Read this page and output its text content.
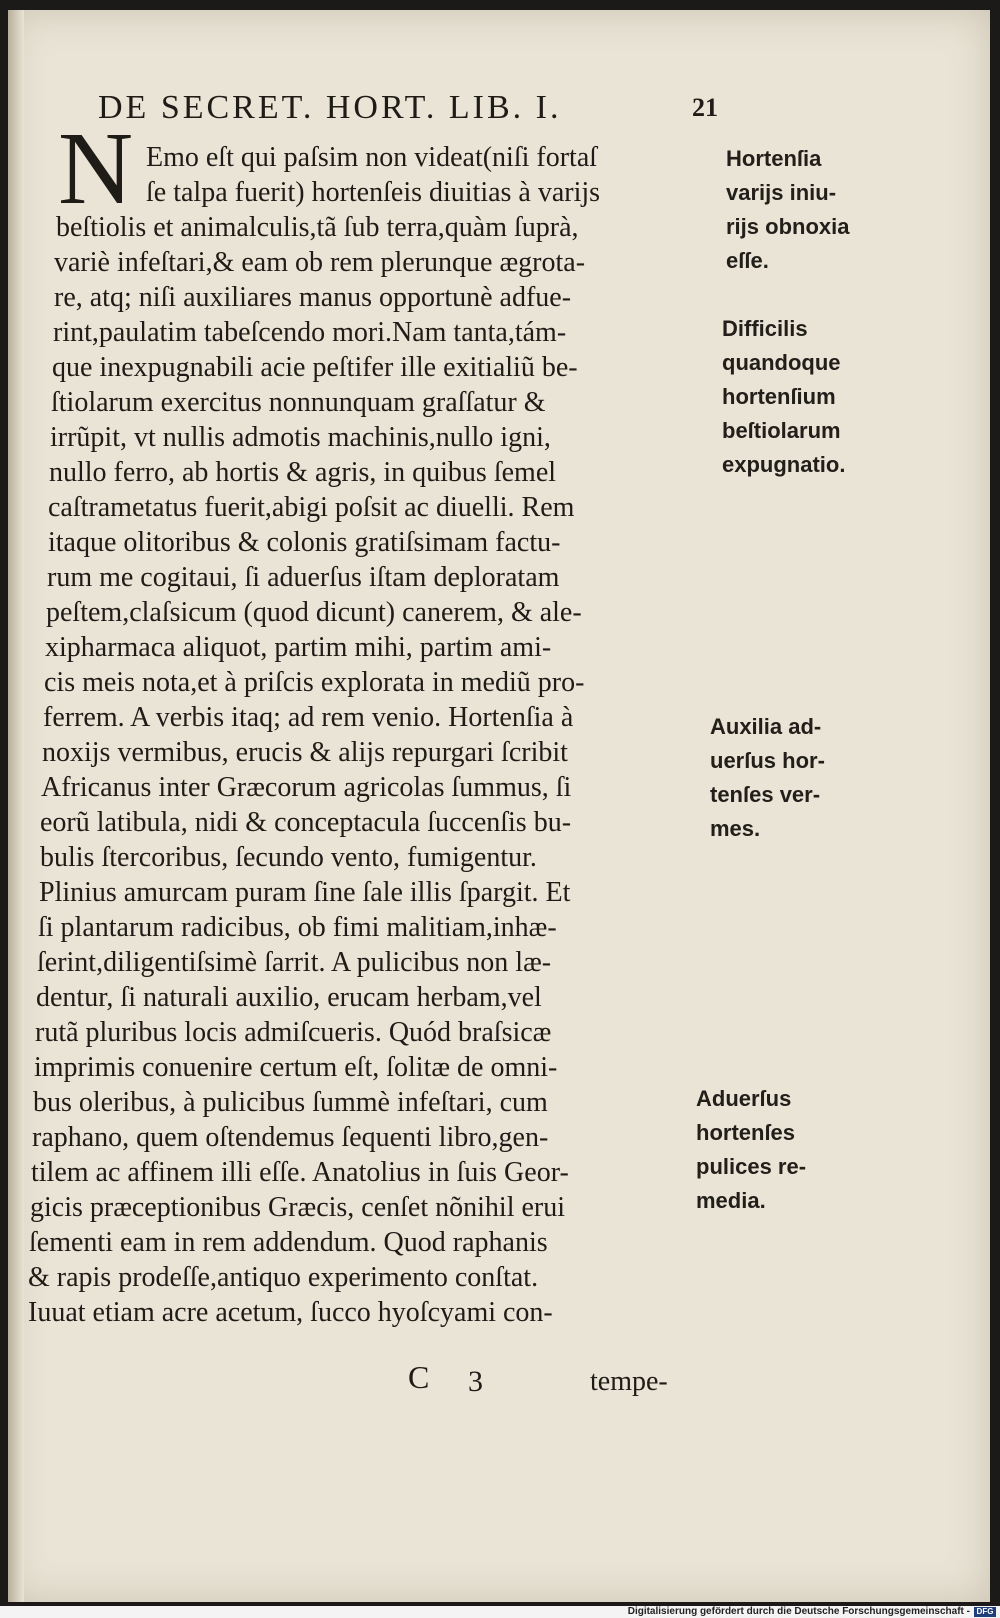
DE SECRET. HORT. LIB. I.	21
N Emo eſt qui paſsim non videat(niſi fortaſ
ſe talpa fuerit) hortenſeis diuitias à varijs
beſtiolis et animalculis,tã ſub terra,quàm ſuprà,
variè infeſtari,& eam ob rem plerunque ægrota-
re, atq; niſi auxiliares manus opportunè adfue-
rint,paulatim tabeſcendo mori.Nam tanta,tám-
que inexpugnabili acie peſtifer ille exitialiũ be-
ſtiolarum exercitus nonnunquam graſſatur &
irrũpit, vt nullis admotis machinis,nullo igni,
nullo ferro, ab hortis & agris, in quibus ſemel
caſtrametatus fuerit,abigi poſsit ac diuelli. Rem
itaque olitoribus & colonis gratiſsimam factu-
rum me cogitaui, ſi aduerſus iſtam deploratam
peſtem,claſsicum (quod dicunt) canerem, & ale-
xipharmaca aliquot, partim mihi, partim ami-
cis meis nota,et à priſcis explorata in mediũ pro-
ferrem. A verbis itaq; ad rem venio. Hortenſia à
noxijs vermibus, erucis & alijs repurgari ſcribit
Africanus inter Græcorum agricolas ſummus, ſi
eorũ latibula, nidi & conceptacula ſuccenſis bu-
bulis ſtercoribus, ſecundo vento, fumigentur.
Plinius amurcam puram ſine ſale illis ſpargit. Et
ſi plantarum radicibus, ob fimi malitiam,inhæ-
ſerint,diligentiſsimè ſarrit. A pulicibus non læ-
dentur, ſi naturali auxilio, erucam herbam,vel
rutã pluribus locis admiſcueris. Quód braſsicæ
imprimis conuenire certum eſt, ſolitæ de omni-
bus oleribus, à pulicibus ſummè infeſtari, cum
raphano, quem oſtendemus ſequenti libro,gen-
tilem ac affinem illi eſſe. Anatolius in ſuis Geor-
gicis præceptionibus Græcis, cenſet nõnihil erui
ſementi eam in rem addendum. Quod raphanis
& rapis prodeſſe,antiquo experimento conſtat.
Iuuat etiam acre acetum, ſucco hyoſcyami con-
Hortenſia
varijs iniu-
rijs obnoxia
eſſe.
Difficilis
quandoque
hortenſium
beſtiolarum
expugnatio.
Auxilia ad-
uerſus hor-
tenſes ver-
mes.
Aduerſus
hortenſes
pulices re-
media.
C 3	tempe-
Digitalisierung gefördert durch die Deutsche Forschungsgemeinschaft - DFG
